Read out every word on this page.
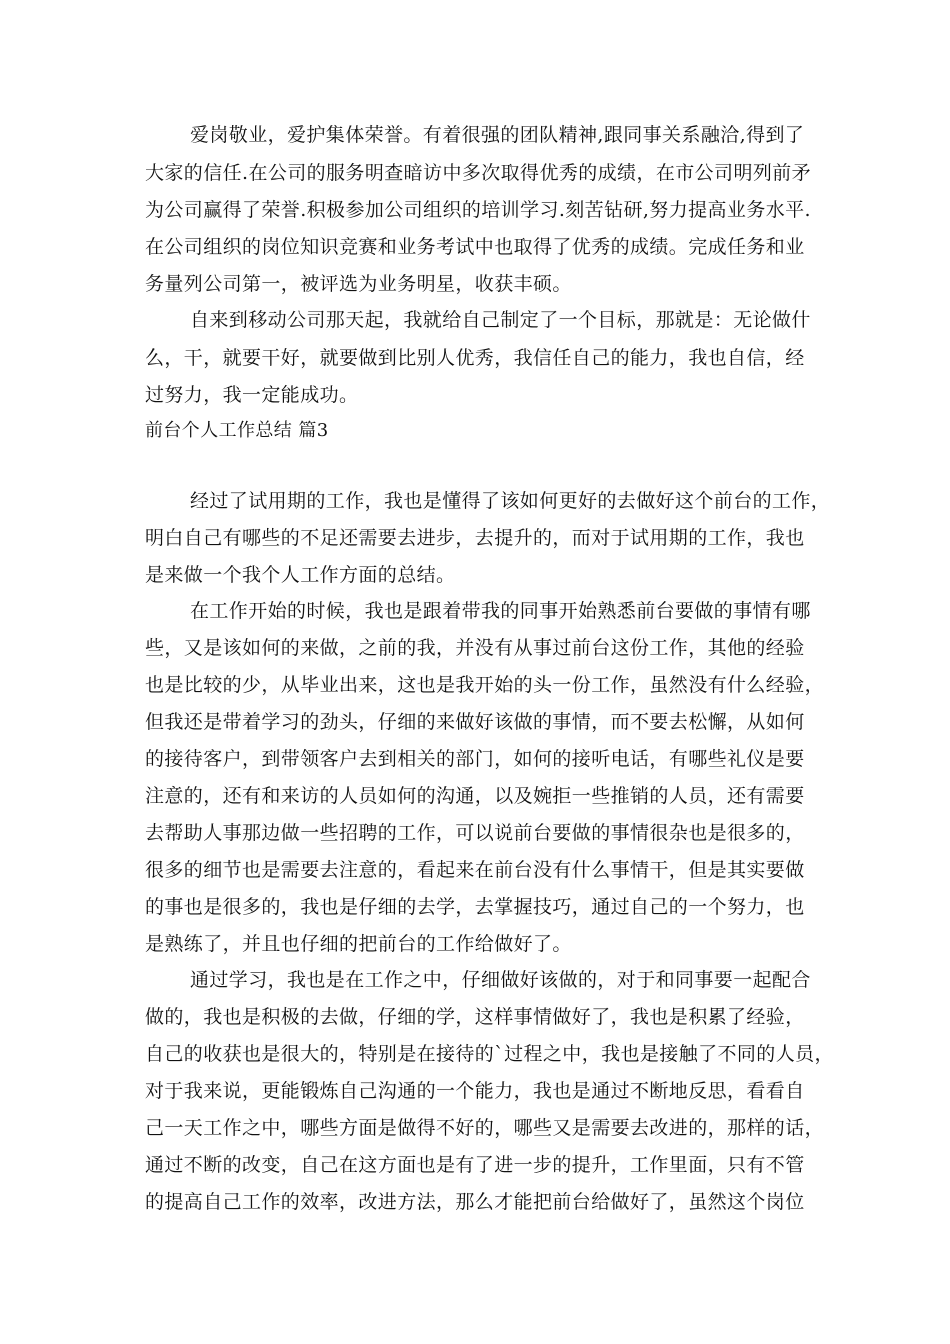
爱岗敬业，爱护集体荣誉。有着很强的团队精神,跟同事关系融洽,得到了
大家的信任.在公司的服务明查暗访中多次取得优秀的成绩，在市公司明列前矛
为公司赢得了荣誉.积极参加公司组织的培训学习.刻苦钻研,努力提高业务水平.
在公司组织的岗位知识竞赛和业务考试中也取得了优秀的成绩。完成任务和业
务量列公司第一，被评选为业务明星，收获丰硕。
自来到移动公司那天起，我就给自己制定了一个目标，那就是：无论做什
么，干，就要干好，就要做到比别人优秀，我信任自己的能力，我也自信，经
过努力，我一定能成功。
前台个人工作总结 篇3
经过了试用期的工作，我也是懂得了该如何更好的去做好这个前台的工作，
明白自己有哪些的不足还需要去进步，去提升的，而对于试用期的工作，我也
是来做一个我个人工作方面的总结。
在工作开始的时候，我也是跟着带我的同事开始熟悉前台要做的事情有哪
些，又是该如何的来做，之前的我，并没有从事过前台这份工作，其他的经验
也是比较的少，从毕业出来，这也是我开始的头一份工作，虽然没有什么经验，
但我还是带着学习的劲头，仔细的来做好该做的事情，而不要去松懈，从如何
的接待客户，到带领客户去到相关的部门，如何的接听电话，有哪些礼仪是要
注意的，还有和来访的人员如何的沟通，以及婉拒一些推销的人员，还有需要
去帮助人事那边做一些招聘的工作，可以说前台要做的事情很杂也是很多的，
很多的细节也是需要去注意的，看起来在前台没有什么事情干，但是其实要做
的事也是很多的，我也是仔细的去学，去掌握技巧，通过自己的一个努力，也
是熟练了，并且也仔细的把前台的工作给做好了。
通过学习，我也是在工作之中，仔细做好该做的，对于和同事要一起配合
做的，我也是积极的去做，仔细的学，这样事情做好了，我也是积累了经验，
自己的收获也是很大的，特别是在接待的`过程之中，我也是接触了不同的人员，
对于我来说，更能锻炼自己沟通的一个能力，我也是通过不断地反思，看看自
己一天工作之中，哪些方面是做得不好的，哪些又是需要去改进的，那样的话，
通过不断的改变，自己在这方面也是有了进一步的提升，工作里面，只有不管
的提高自己工作的效率，改进方法，那么才能把前台给做好了，虽然这个岗位
